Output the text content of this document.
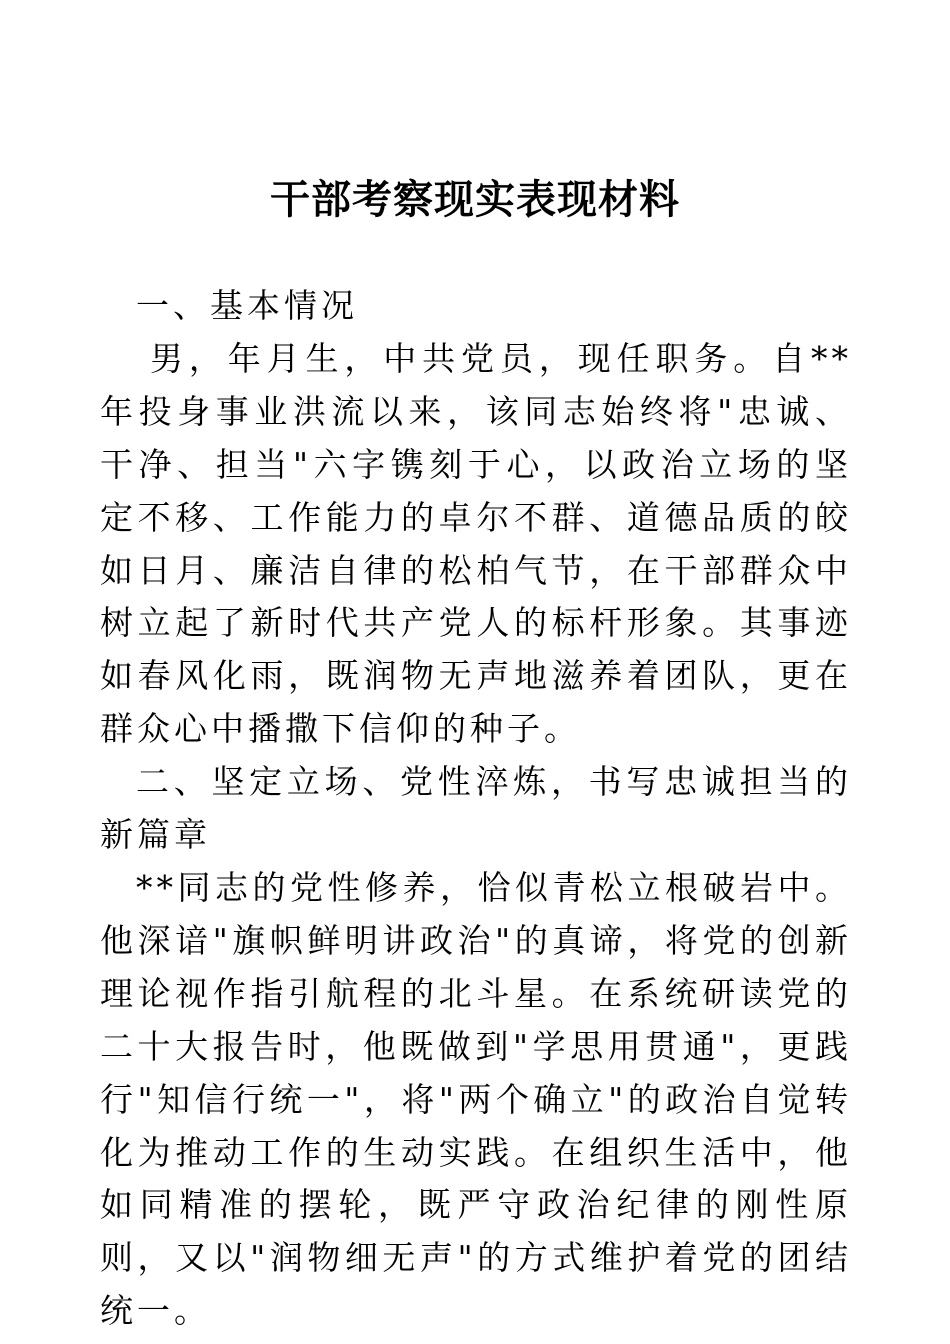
干部考察现实表现材料

一、基本情况

男，年月生，中共党员，现任职务。自**年投身事业洪流以来，该同志始终将"忠诚、干净、担当"六字镌刻于心，以政治立场的坚定不移、工作能力的卓尔不群、道德品质的皎如日月、廉洁自律的松柏气节，在干部群众中树立起了新时代共产党人的标杆形象。其事迹如春风化雨，既润物无声地滋养着团队，更在群众心中播撒下信仰的种子。

二、坚定立场、党性淬炼，书写忠诚担当的新篇章

**同志的党性修养，恰似青松立根破岩中。他深谙"旗帜鲜明讲政治"的真谛，将党的创新理论视作指引航程的北斗星。在系统研读党的二十大报告时，他既做到"学思用贯通"，更践行"知信行统一"，将"两个确立"的政治自觉转化为推动工作的生动实践。在组织生活中，他如同精准的摆轮，既严守政治纪律的刚性原则，又以"润物细无声"的方式维护着党的团结统一。
